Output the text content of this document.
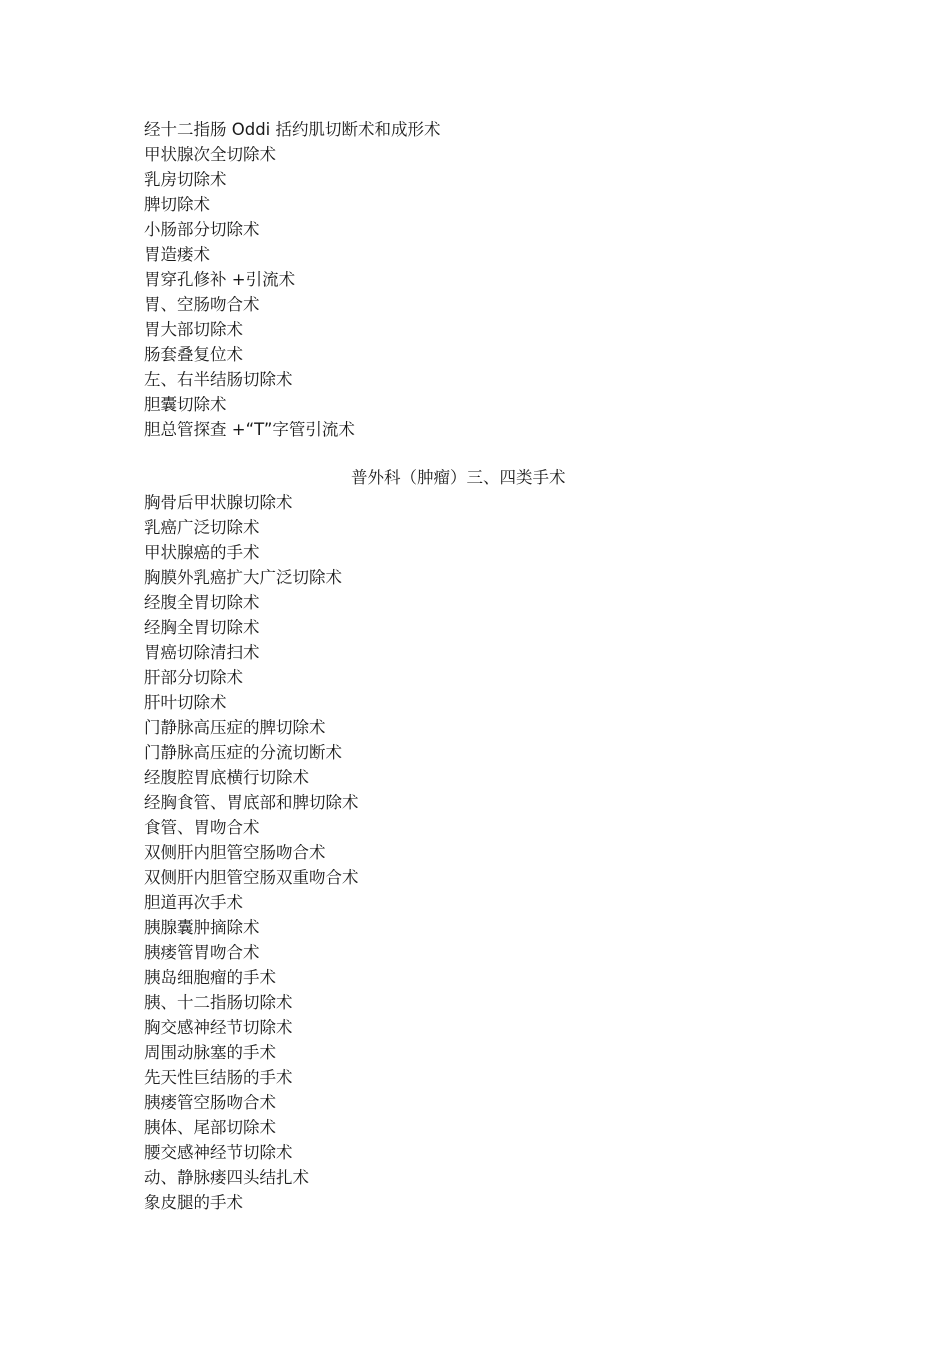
经十二指肠 Oddi 括约肌切断术和成形术
甲状腺次全切除术
乳房切除术
脾切除术
小肠部分切除术
胃造瘘术
胃穿孔修补 +引流术
胃、空肠吻合术
胃大部切除术
肠套叠复位术
左、右半结肠切除术
胆囊切除术
胆总管探查 +“T”字管引流术
普外科（肿瘤）三、四类手术
胸骨后甲状腺切除术
乳癌广泛切除术
甲状腺癌的手术
胸膜外乳癌扩大广泛切除术
经腹全胃切除术
经胸全胃切除术
胃癌切除清扫术
肝部分切除术
肝叶切除术
门静脉高压症的脾切除术
门静脉高压症的分流切断术
经腹腔胃底横行切除术
经胸食管、胃底部和脾切除术
食管、胃吻合术
双侧肝内胆管空肠吻合术
双侧肝内胆管空肠双重吻合术
胆道再次手术
胰腺囊肿摘除术
胰瘘管胃吻合术
胰岛细胞瘤的手术
胰、十二指肠切除术
胸交感神经节切除术
周围动脉塞的手术
先天性巨结肠的手术
胰瘘管空肠吻合术
胰体、尾部切除术
腰交感神经节切除术
动、静脉瘘四头结扎术
象皮腿的手术
